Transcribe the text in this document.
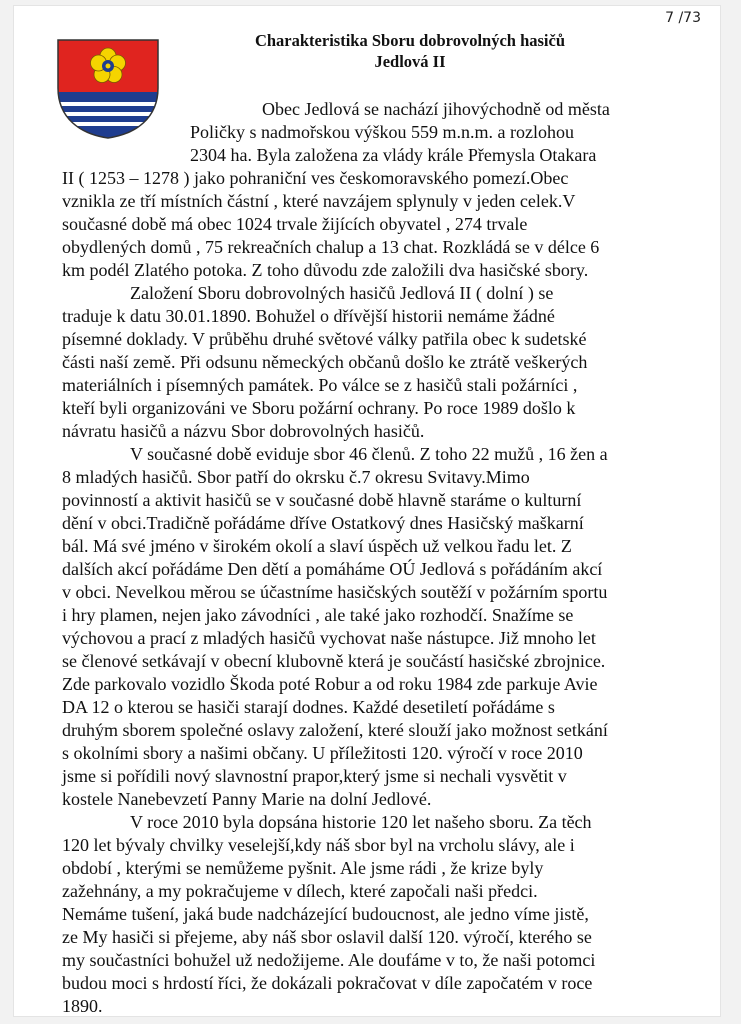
7 /73
Charakteristika Sboru dobrovolných hasičů
Jedlová II
Obec Jedlová se nachází jihovýchodně od města
Poličky s nadmořskou výškou 559 m.n.m. a rozlohou
2304 ha. Byla založena za vlády krále Přemysla Otakara
II ( 1253 – 1278 ) jako pohraniční ves českomoravského pomezí.Obec
vznikla ze tří místních částní , které navzájem splynuly v jeden celek.V
současné době má obec 1024 trvale žijících obyvatel , 274 trvale
obydlených domů , 75 rekreačních chalup a 13 chat. Rozkládá se v délce 6
km podél Zlatého potoka. Z toho důvodu zde založili dva hasičské sbory.
Založení Sboru dobrovolných hasičů Jedlová II ( dolní ) se
traduje k datu 30.01.1890. Bohužel o dřívější historii nemáme žádné
písemné doklady. V průběhu druhé světové války patřila obec k sudetské
části naší země. Při odsunu německých občanů došlo ke ztrátě veškerých
materiálních i písemných památek. Po válce se z hasičů stali požárníci ,
kteří byli organizováni ve Sboru požární ochrany. Po roce 1989 došlo k
návratu hasičů a názvu Sbor dobrovolných hasičů.
V současné době eviduje sbor 46 členů. Z toho 22 mužů , 16 žen a
8 mladých hasičů. Sbor patří do okrsku č.7 okresu Svitavy.Mimo
povinností a aktivit hasičů se v současné době hlavně staráme o kulturní
dění v obci.Tradičně pořádáme dříve Ostatkový dnes Hasičský maškarní
bál. Má své jméno v širokém okolí a slaví úspěch už velkou řadu let. Z
dalších akcí pořádáme Den dětí a pomáháme OÚ Jedlová s pořádáním akcí
v obci. Nevelkou měrou se účastníme hasičských soutěží v požárním sportu
i hry plamen, nejen jako závodníci , ale také jako rozhodčí. Snažíme se
výchovou a prací z mladých hasičů vychovat naše nástupce. Již mnoho let
se členové setkávají v obecní klubovně která je součástí hasičské zbrojnice.
Zde parkovalo vozidlo Škoda poté Robur a od roku 1984 zde parkuje Avie
DA 12 o kterou se hasiči starají dodnes. Každé desetiletí pořádáme s
druhým sborem společné oslavy založení, které slouží jako možnost setkání
s okolními sbory a našimi občany. U příležitosti 120. výročí v roce 2010
jsme si pořídili nový slavnostní prapor,který jsme si nechali vysvětit v
kostele Nanebevzetí Panny Marie na dolní Jedlové.
V roce 2010 byla dopsána historie 120 let našeho sboru. Za těch
120 let bývaly chvilky veselejší,kdy náš sbor byl na vrcholu slávy, ale i
období , kterými se nemůžeme pyšnit. Ale jsme rádi , že krize byly
zažehnány, a my pokračujeme v dílech, které započali naši předci.
Nemáme tušení, jaká bude nadcházející budoucnost, ale jedno víme jistě,
ze My hasiči si přejeme, aby náš sbor oslavil další 120. výročí, kterého se
my součastníci bohužel už nedožijeme. Ale doufáme v to, že naši potomci
budou moci s hrdostí říci, že dokázali pokračovat v díle započatém v roce
1890.
